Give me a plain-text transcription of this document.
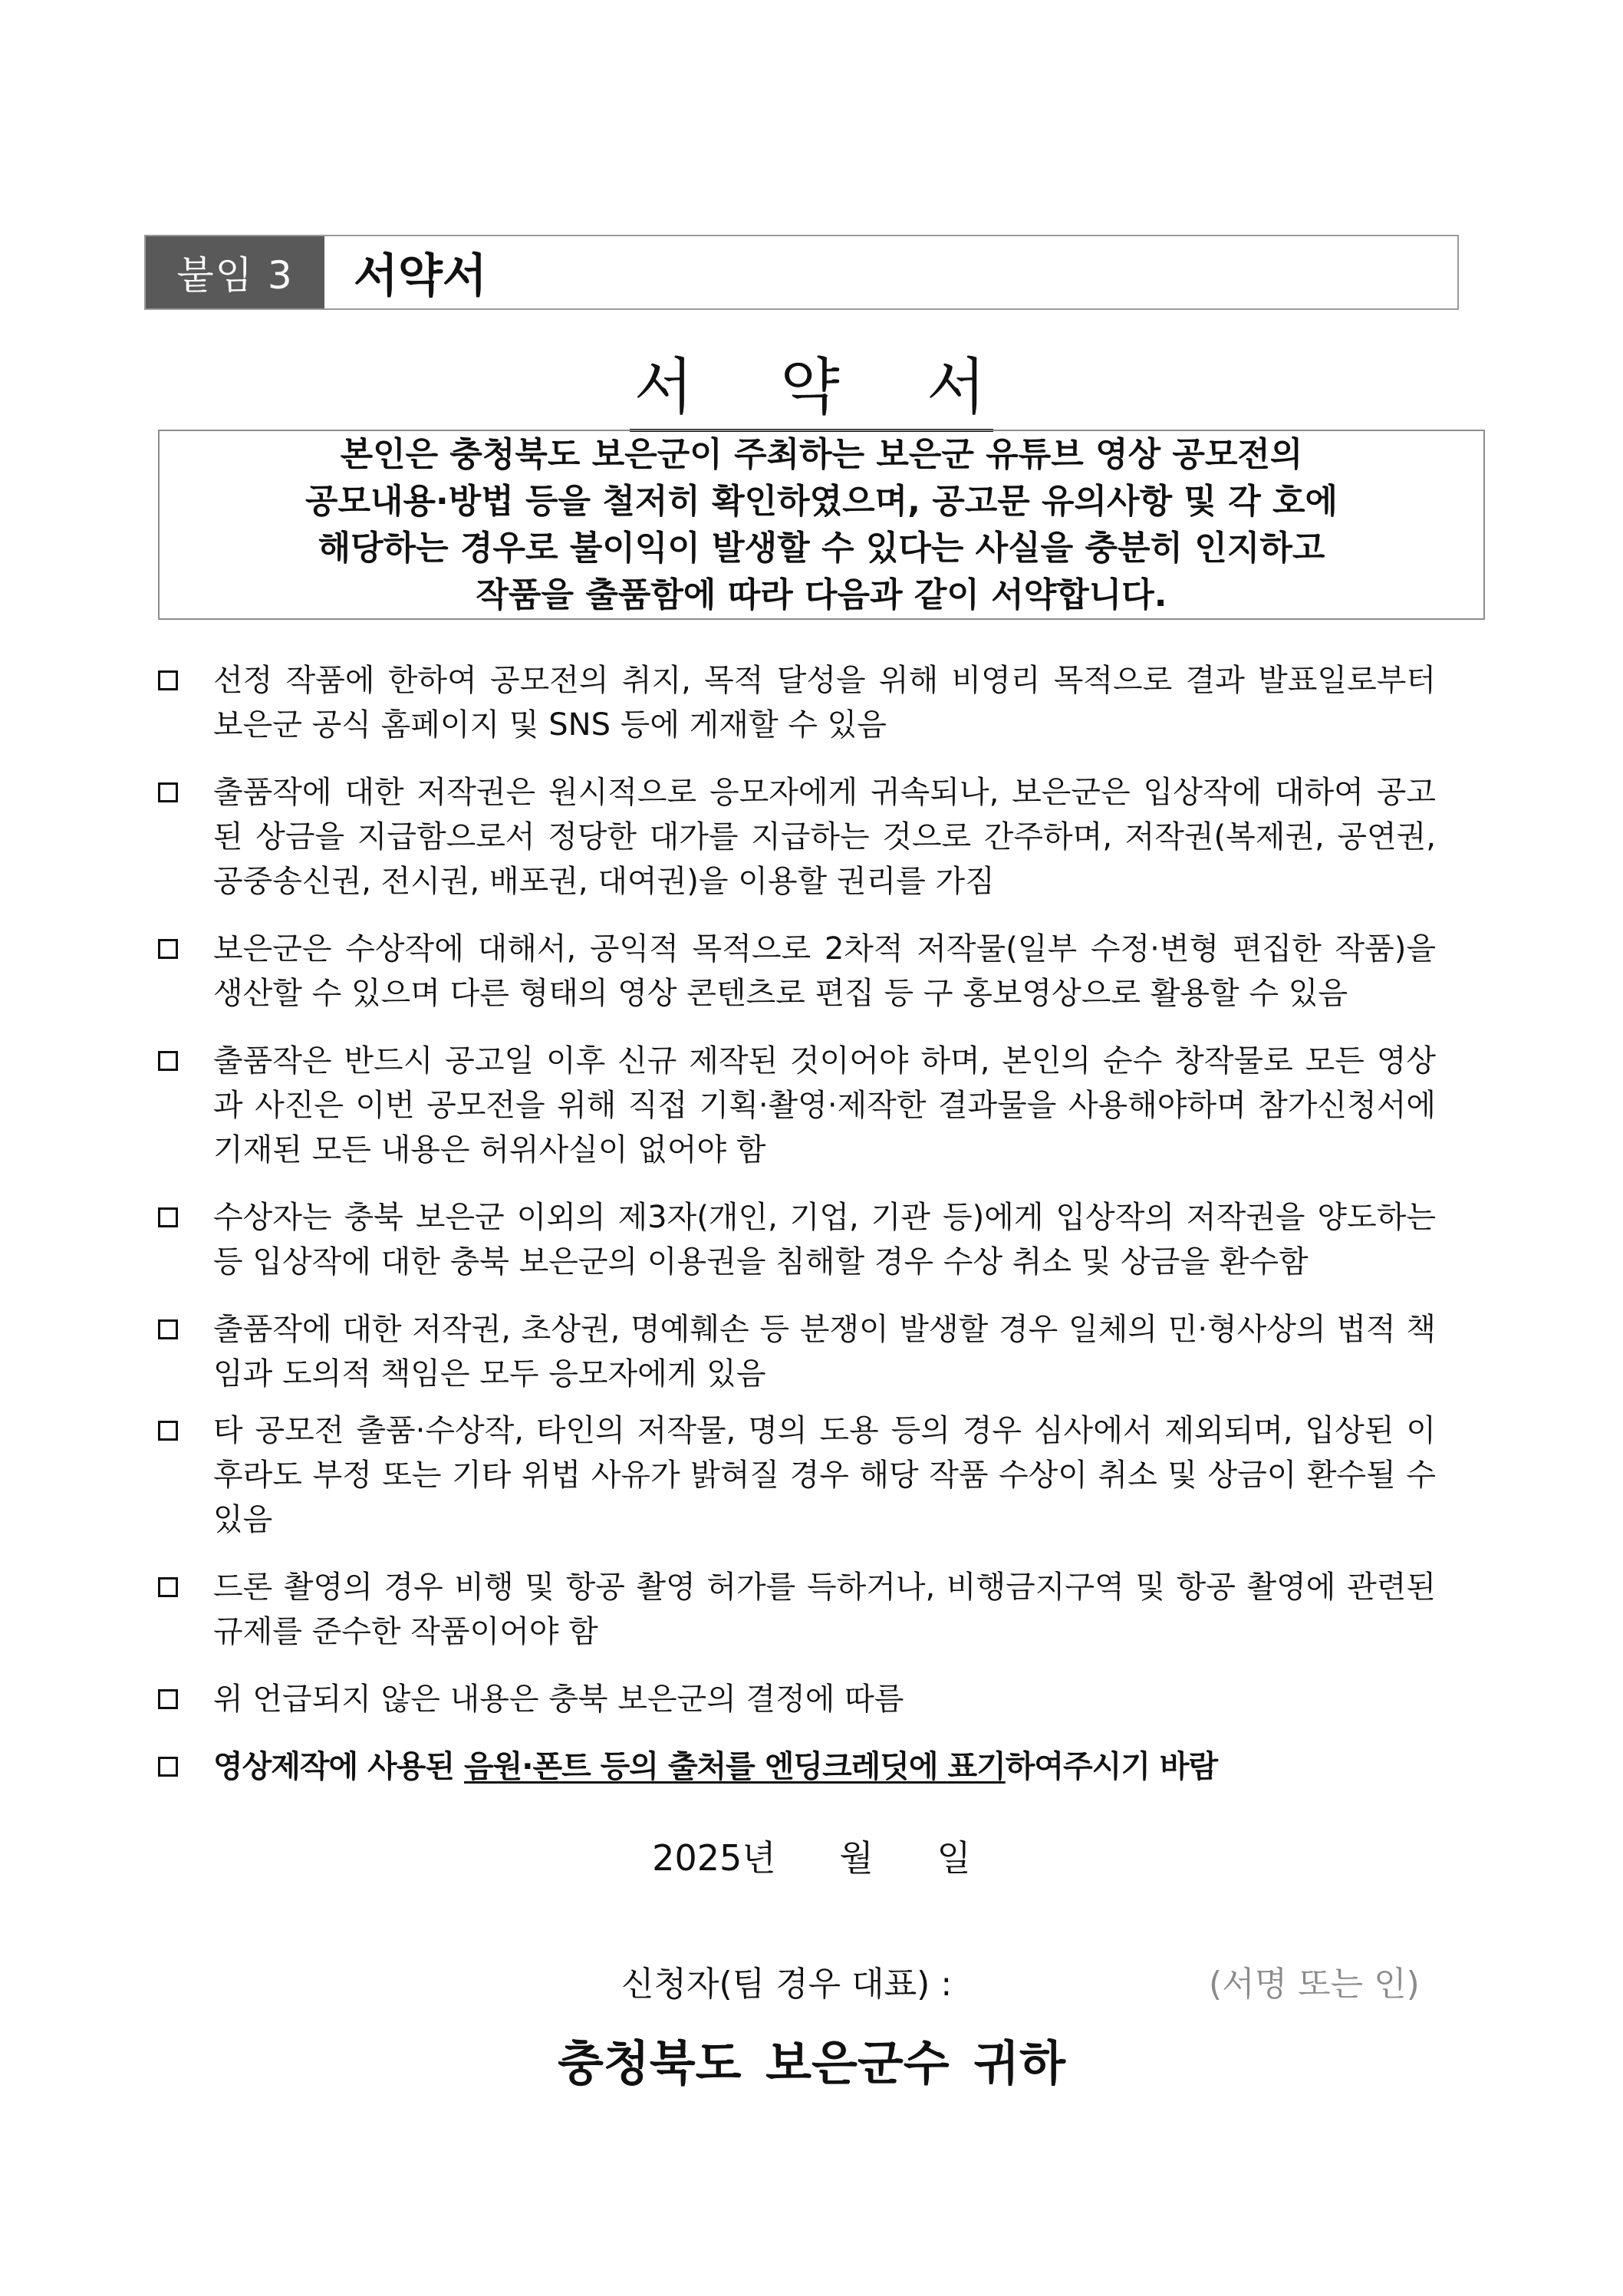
붙임 3	서약서
서 약 서
본인은 충청북도 보은군이 주최하는 보은군 유튜브 영상 공모전의
공모내용·방법 등을 철저히 확인하였으며, 공고문 유의사항 및 각 호에
해당하는 경우로 불이익이 발생할 수 있다는 사실을 충분히 인지하고
작품을 출품함에 따라 다음과 같이 서약합니다.
선정 작품에 한하여 공모전의 취지, 목적 달성을 위해 비영리 목적으로 결과 발표일로부터 보은군 공식 홈페이지 및 SNS 등에 게재할 수 있음
출품작에 대한 저작권은 원시적으로 응모자에게 귀속되나, 보은군은 입상작에 대하여 공고된 상금을 지급함으로서 정당한 대가를 지급하는 것으로 간주하며, 저작권(복제권, 공연권, 공중송신권, 전시권, 배포권, 대여권)을 이용할 권리를 가짐
보은군은 수상작에 대해서, 공익적 목적으로 2차적 저작물(일부 수정·변형 편집한 작품)을 생산할 수 있으며 다른 형태의 영상 콘텐츠로 편집 등 구 홍보영상으로 활용할 수 있음
출품작은 반드시 공고일 이후 신규 제작된 것이어야 하며, 본인의 순수 창작물로 모든 영상과 사진은 이번 공모전을 위해 직접 기획·촬영·제작한 결과물을 사용해야하며 참가신청서에 기재된 모든 내용은 허위사실이 없어야 함
수상자는 충북 보은군 이외의 제3자(개인, 기업, 기관 등)에게 입상작의 저작권을 양도하는 등 입상작에 대한 충북 보은군의 이용권을 침해할 경우 수상 취소 및 상금을 환수함
출품작에 대한 저작권, 초상권, 명예훼손 등 분쟁이 발생할 경우 일체의 민·형사상의 법적 책임과 도의적 책임은 모두 응모자에게 있음
타 공모전 출품·수상작, 타인의 저작물, 명의 도용 등의 경우 심사에서 제외되며, 입상된 이후라도 부정 또는 기타 위법 사유가 밝혀질 경우 해당 작품 수상이 취소 및 상금이 환수될 수 있음
드론 촬영의 경우 비행 및 항공 촬영 허가를 득하거나, 비행금지구역 및 항공 촬영에 관련된 규제를 준수한 작품이어야 함
위 언급되지 않은 내용은 충북 보은군의 결정에 따름
영상제작에 사용된 음원·폰트 등의 출처를 엔딩크레딧에 표기하여주시기 바람
2025년 월 일
신청자(팀 경우 대표) :	(서명 또는 인)
충청북도 보은군수 귀하
